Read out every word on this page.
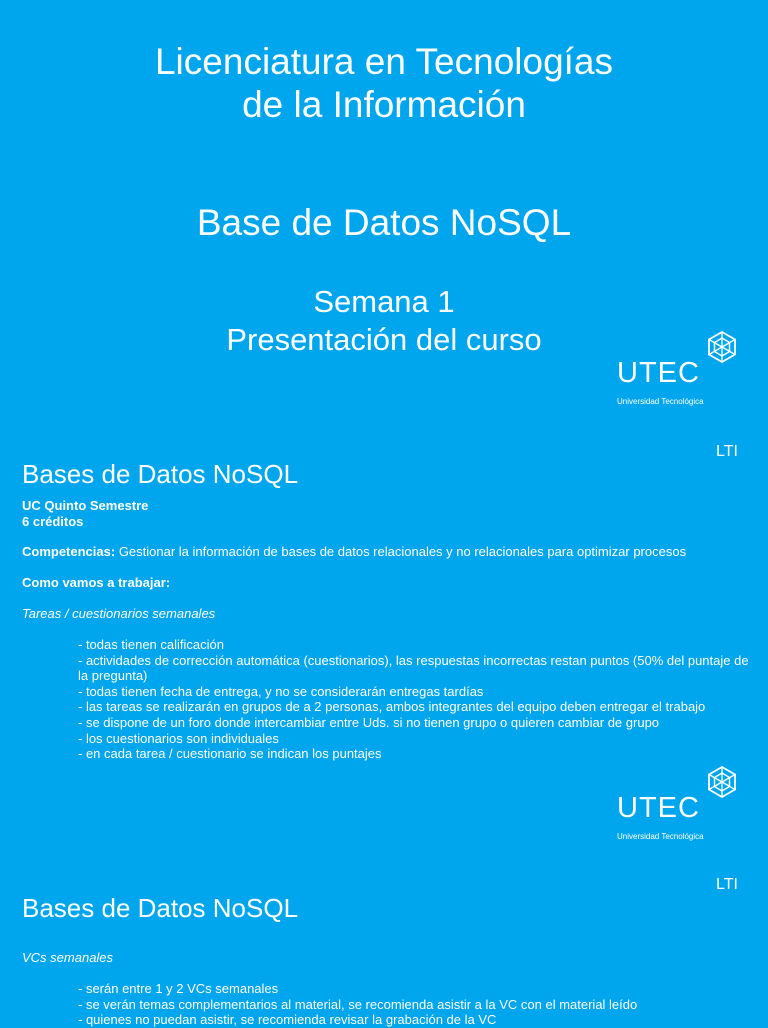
Licenciatura en Tecnologías
de la Información
Base de Datos NoSQL
Semana 1
Presentación del curso
UTEC
Universidad Tecnológica
LTI
Bases de Datos NoSQL
UC Quinto Semestre
6 créditos
Competencias: Gestionar la información de bases de datos relacionales y no relacionales para optimizar procesos
Como vamos a trabajar:
Tareas / cuestionarios semanales
- todas tienen calificación
- actividades de corrección automática (cuestionarios), las respuestas incorrectas restan puntos (50% del puntaje de la pregunta)
- todas tienen fecha de entrega, y no se considerarán entregas tardías
- las tareas se realizarán en grupos de a 2 personas, ambos integrantes del equipo deben entregar el trabajo
- se dispone de un foro donde intercambiar entre Uds. si no tienen grupo o quieren cambiar de grupo
- los cuestionarios son individuales
- en cada tarea / cuestionario se indican los puntajes
UTEC
Universidad Tecnológica
LTI
Bases de Datos NoSQL
VCs semanales
- serán entre 1 y 2 VCs semanales
- se verán temas complementarios al material, se recomienda asistir a la VC con el material leído
- quienes no puedan asistir, se recomienda revisar la grabación de la VC
